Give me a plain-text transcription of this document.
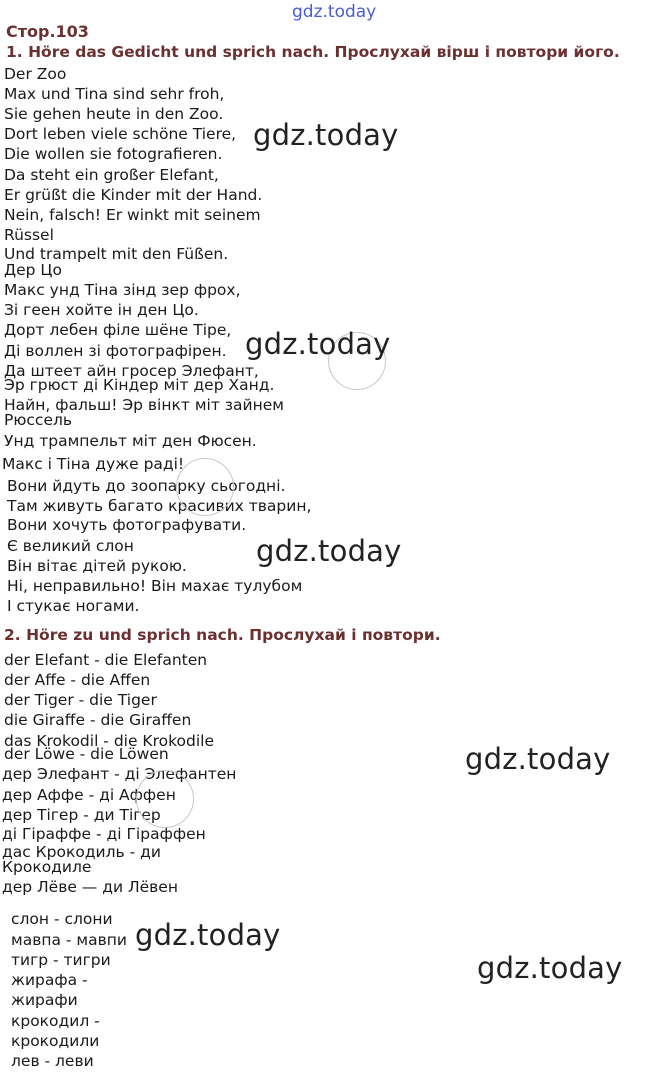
gdz.today
Стор.103
1. Höre das Gedicht und sprich nach. Прослухай вірш і повтори його.
Der Zoo
Max und Tina sind sehr froh,
Sie gehen heute in den Zoo.
Dort leben viele schöne Tiere,
Die wollen sie fotografieren.
Da steht ein großer Elefant,
Er grüßt die Kinder mit der Hand.
Nein, falsch! Er winkt mit seinem
Rüssel
Und trampelt mit den Füßen.
Дер Цо
Макс унд Тіна зінд зер фрох,
Зі геен хойте ін ден Цо.
Дорт лебен філе шёне Тіре,
Ді воллен зі фотографірен.
Да штеет айн гросер Элефант,
Эр грюст ді Кіндер міт дер Ханд.
Найн, фальш! Эр вінкт міт зайнем
Рюссель
Унд трампельт міт ден Фюсен.
Макс і Тіна дуже раді!
Вони йдуть до зоопарку сьогодні.
Там живуть багато красивих тварин,
Вони хочуть фотографувати.
Є великий слон
Він вітає дітей рукою.
Ні, неправильно! Він махає тулубом
І стукає ногами.
2. Höre zu und sprich nach. Прослухай і повтори.
der Elefant - die Elefanten
der Affe - die Affen
der Tiger - die Tiger
die Giraffe - die Giraffen
das Krokodil - die Krokodile
der Löwe - die Löwen
дер Элефант - ді Элефантен
дер Аффе - ді Аффен
дер Тігер - ди Тігер
ді Гіраффе - ді Гіраффен
дас Крокодиль - ди
Крокодиле
дер Лёве — ди Лёвен
слон - слони
мавпа - мавпи
тигр - тигри
жирафа -
жирафи
крокодил -
крокодили
лев - леви
gdz.today
gdz.today
gdz.today
gdz.today
gdz.today
gdz.today
